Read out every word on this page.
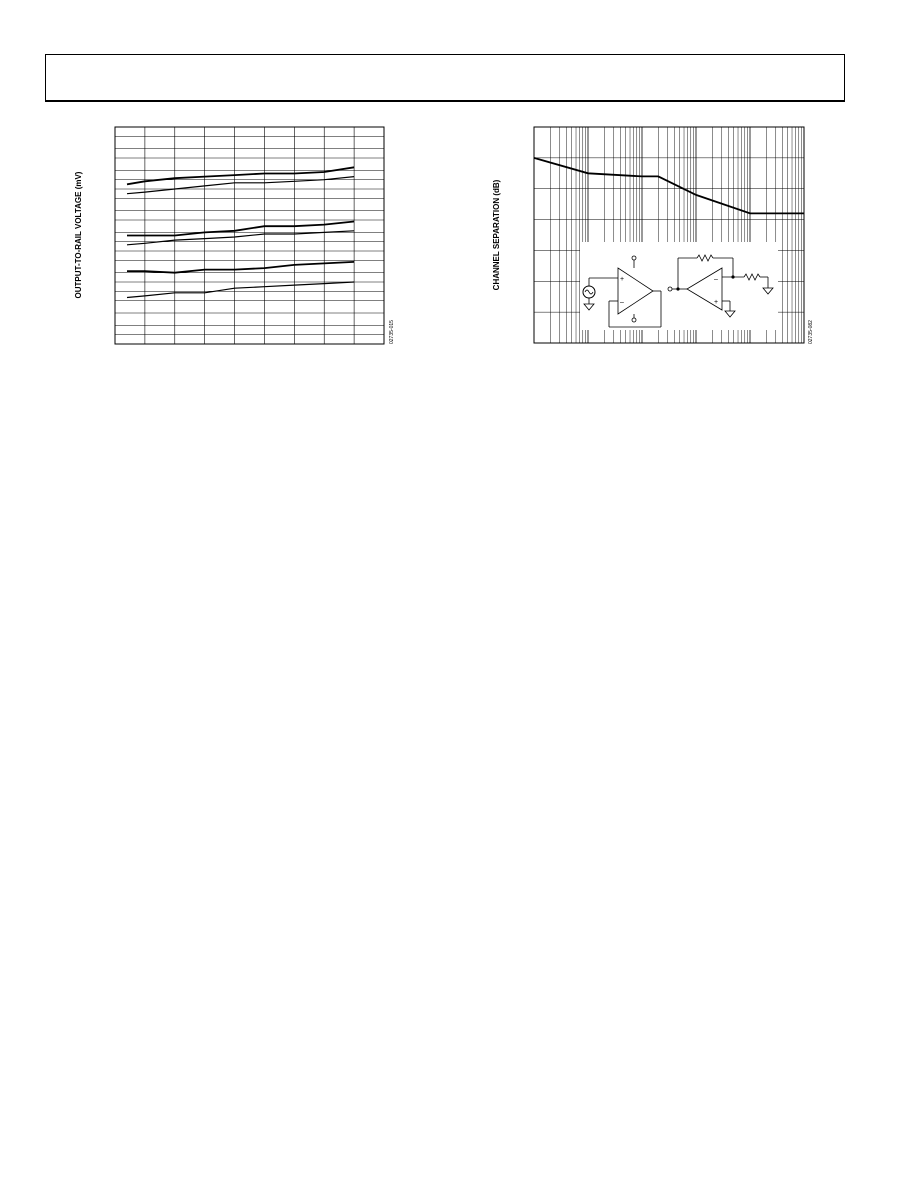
OUTPUT-TO-RAIL VOLTAGE (mV)
02735-015
+
–
–
+
CHANNEL SEPARATION (dB)
02735-082
